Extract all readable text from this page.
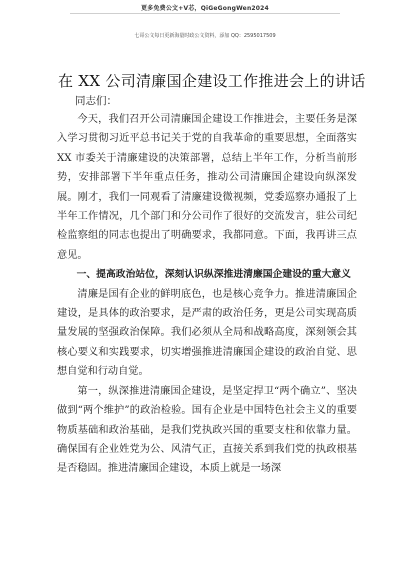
更多免费公文+V芯，QiGeGongWen2024
七哥公文每日更新海量时政公文资料，添加 QQ：2595017509
在 XX 公司清廉国企建设工作推进会上的讲话
同志们：

今天，我们召开公司清廉国企建设工作推进会，主要任务是深入学习贯彻习近平总书记关于党的自我革命的重要思想，全面落实 XX 市委关于清廉建设的决策部署，总结上半年工作，分析当前形势，安排部署下半年重点任务，推动公司清廉国企建设向纵深发展。刚才，我们一同观看了清廉建设微视频，党委巡察办通报了上半年工作情况，几个部门和分公司作了很好的交流发言，驻公司纪检监察组的同志也提出了明确要求，我都同意。下面，我再讲三点意见。

一、提高政治站位，深刻认识纵深推进清廉国企建设的重大意义

清廉是国有企业的鲜明底色，也是核心竞争力。推进清廉国企建设，是具体的政治要求，是严肃的政治任务，更是公司实现高质量发展的坚强政治保障。我们必须从全局和战略高度，深刻领会其核心要义和实践要求，切实增强推进清廉国企建设的政治自觉、思想自觉和行动自觉。

第一，纵深推进清廉国企建设，是坚定捍卫“两个确立”、坚决做到“两个维护”的政治检验。国有企业是中国特色社会主义的重要物质基础和政治基础，是我们党执政兴国的重要支柱和依靠力量。确保国有企业姓党为公、风清气正，直接关系到我们党的执政根基是否稳固。推进清廉国企建设，本质上就是一场深
